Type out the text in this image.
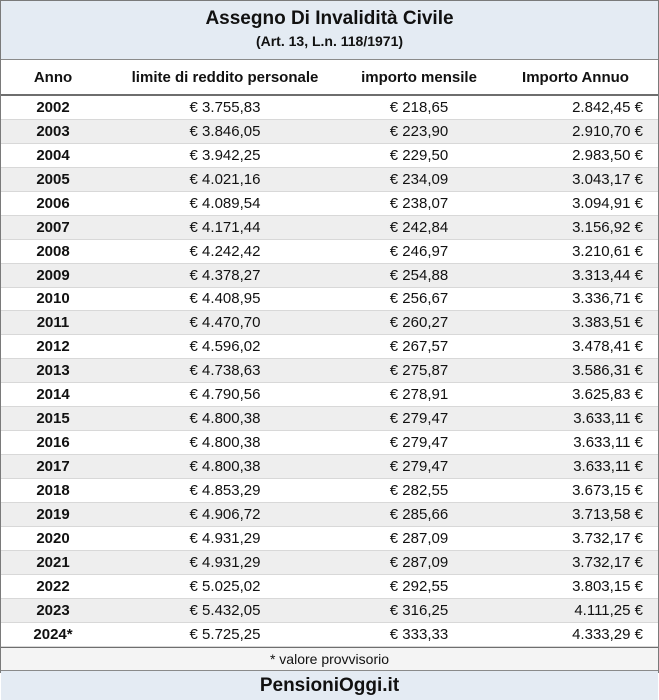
Assegno Di Invalidità Civile
(Art. 13, L.n. 118/1971)
Anno	limite di reddito personale	importo mensile	Importo Annuo
2002	€ 3.755,83	€ 218,65	2.842,45 €
2003	€ 3.846,05	€ 223,90	2.910,70 €
2004	€ 3.942,25	€ 229,50	2.983,50 €
2005	€ 4.021,16	€ 234,09	3.043,17 €
2006	€ 4.089,54	€ 238,07	3.094,91 €
2007	€ 4.171,44	€ 242,84	3.156,92 €
2008	€ 4.242,42	€ 246,97	3.210,61 €
2009	€ 4.378,27	€ 254,88	3.313,44 €
2010	€ 4.408,95	€ 256,67	3.336,71 €
2011	€ 4.470,70	€ 260,27	3.383,51 €
2012	€ 4.596,02	€ 267,57	3.478,41 €
2013	€ 4.738,63	€ 275,87	3.586,31 €
2014	€ 4.790,56	€ 278,91	3.625,83 €
2015	€ 4.800,38	€ 279,47	3.633,11 €
2016	€ 4.800,38	€ 279,47	3.633,11 €
2017	€ 4.800,38	€ 279,47	3.633,11 €
2018	€ 4.853,29	€ 282,55	3.673,15 €
2019	€ 4.906,72	€ 285,66	3.713,58 €
2020	€ 4.931,29	€ 287,09	3.732,17 €
2021	€ 4.931,29	€ 287,09	3.732,17 €
2022	€ 5.025,02	€ 292,55	3.803,15 €
2023	€ 5.432,05	€ 316,25	4.111,25 €
2024*	€ 5.725,25	€ 333,33	4.333,29 €
* valore provvisorio
PensioniOggi.it
